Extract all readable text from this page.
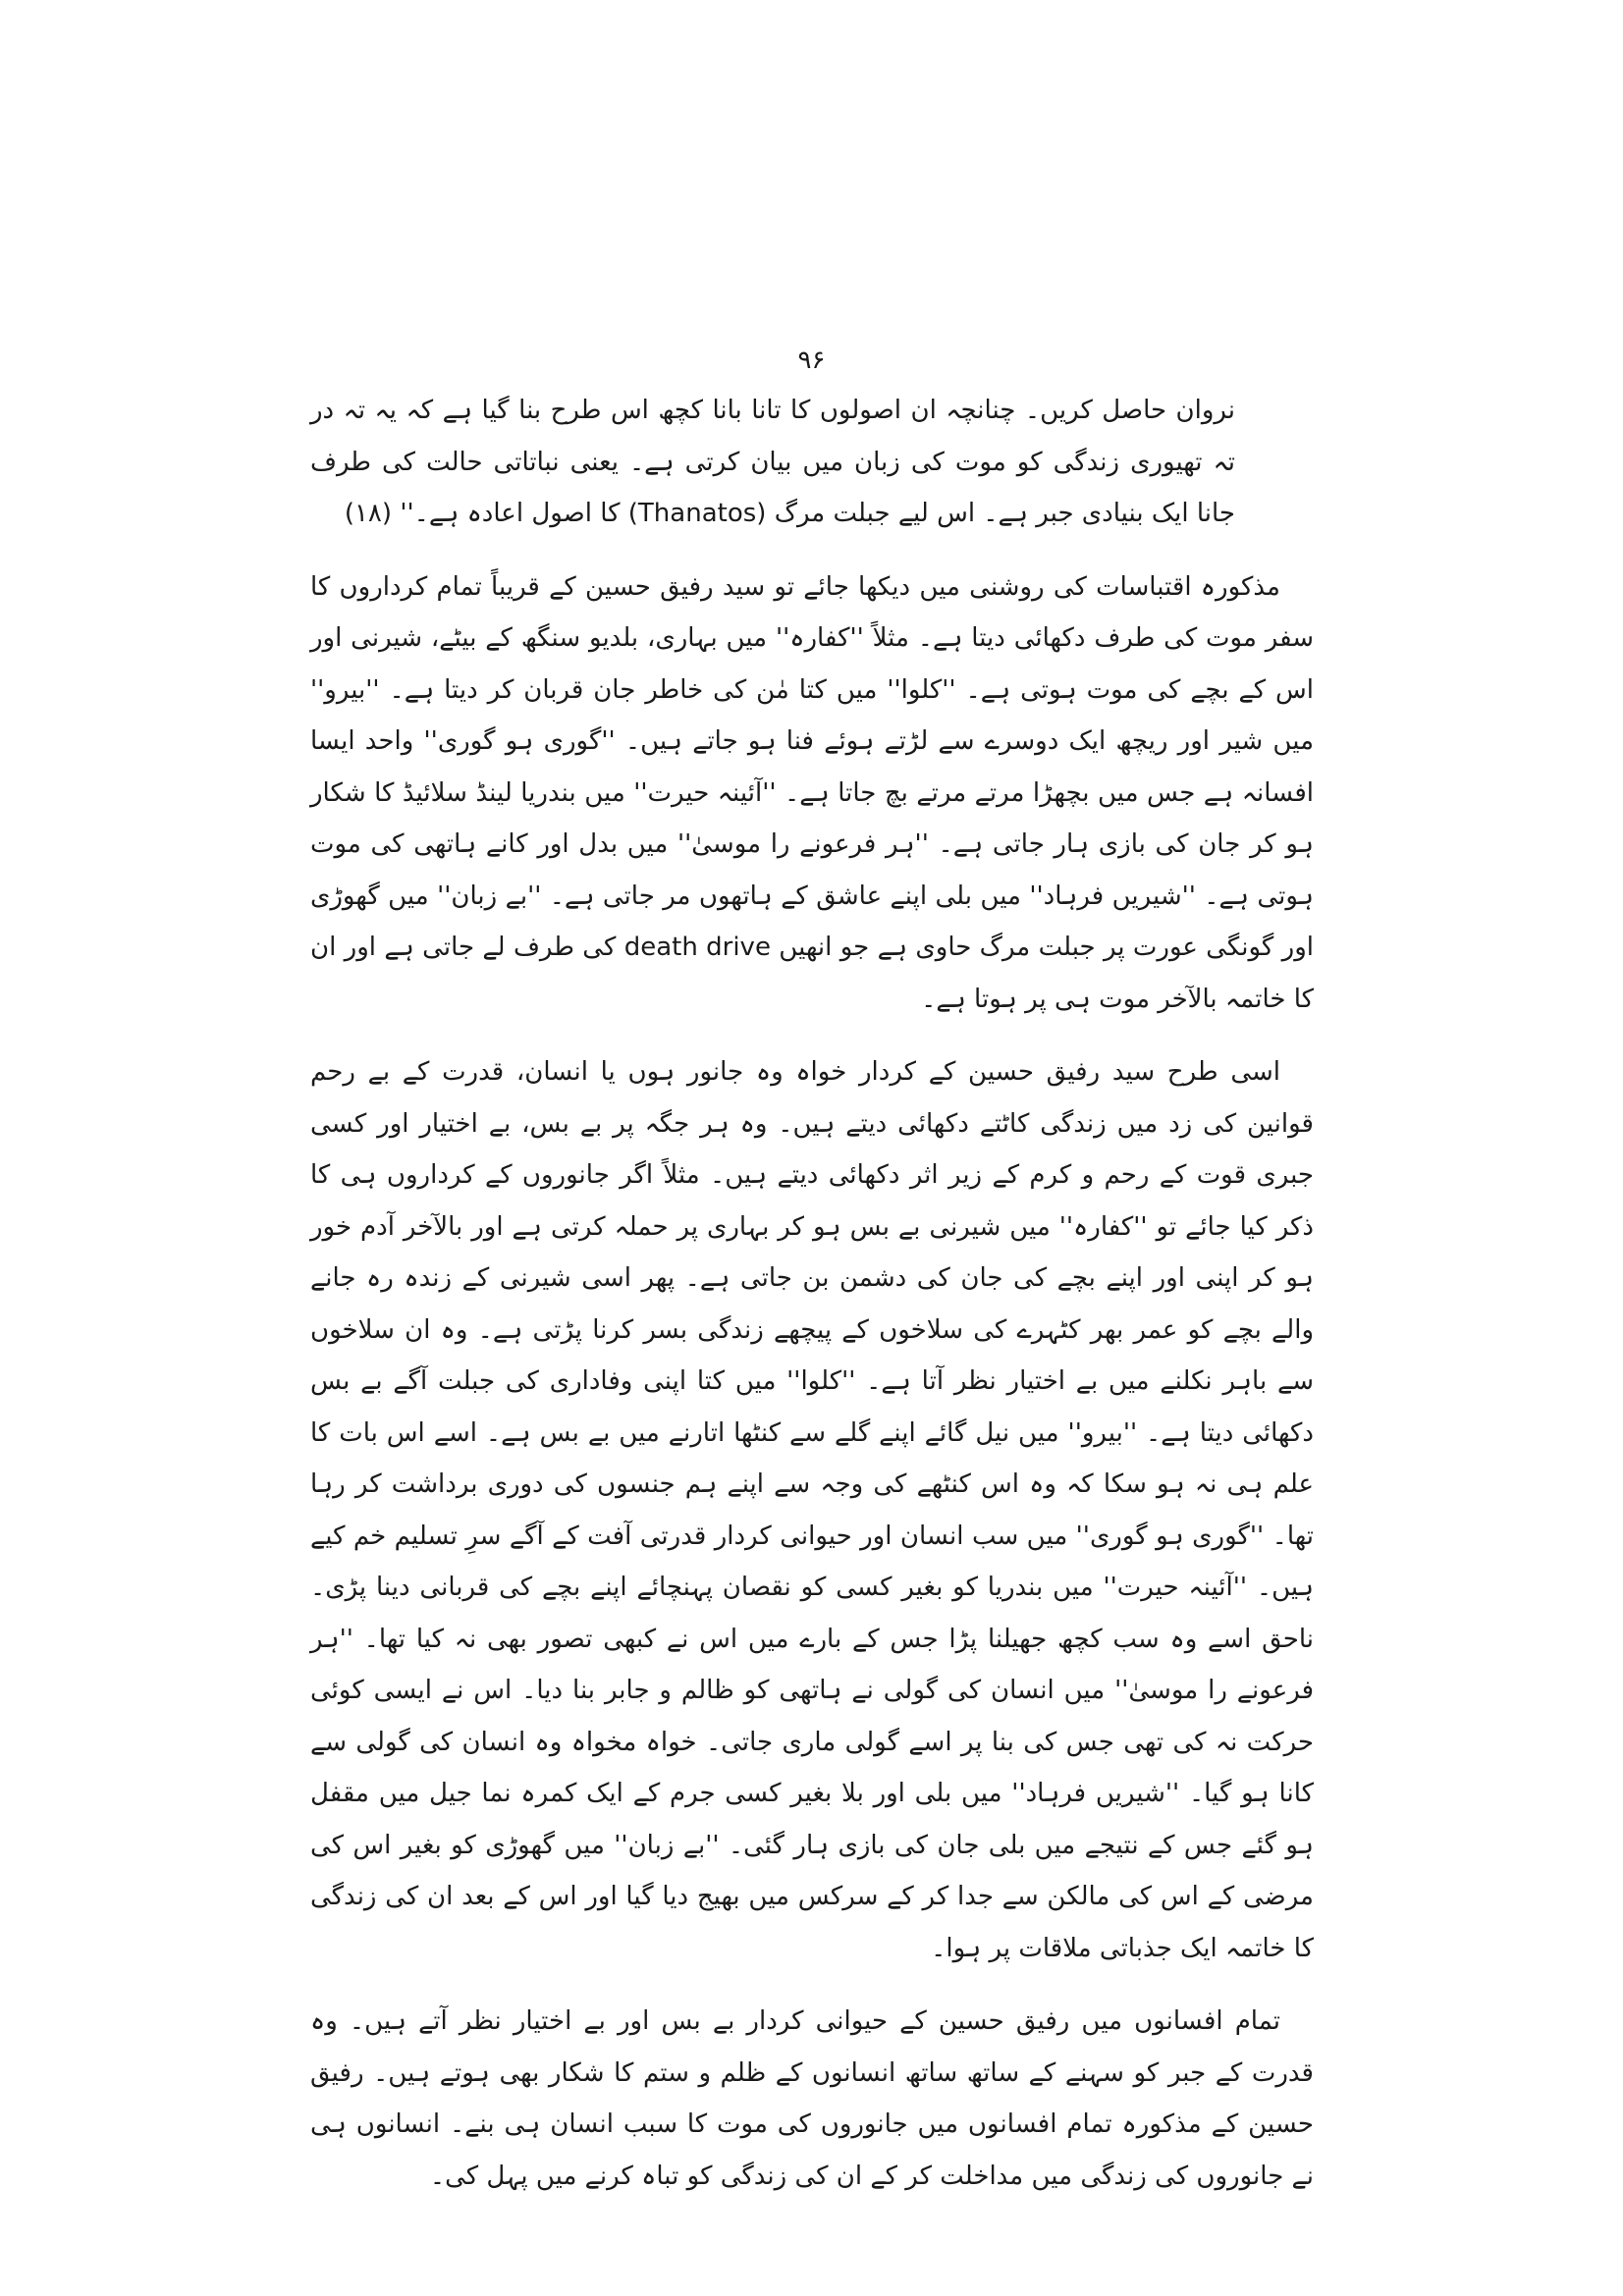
۹۶

نروان حاصل کریں۔ چنانچہ ان اصولوں کا تانا بانا کچھ اس طرح بنا گیا ہے کہ یہ تہ در تہ تھیوری زندگی کو موت کی زبان میں بیان کرتی ہے۔ یعنی نباتاتی حالت کی طرف جانا ایک بنیادی جبر ہے۔ اس لیے جبلت مرگ (Thanatos) کا اصول اعادہ ہے۔'' (۱۸)

مذکورہ اقتباسات کی روشنی میں دیکھا جائے تو سید رفیق حسین کے قریباً تمام کرداروں کا سفر موت کی طرف دکھائی دیتا ہے۔ مثلاً ''کفارہ'' میں بہاری، بلدیو سنگھ کے بیٹے، شیرنی اور اس کے بچے کی موت ہوتی ہے۔ ''کلوا'' میں کتا مٰن کی خاطر جان قربان کر دیتا ہے۔ ''بیرو'' میں شیر اور ریچھ ایک دوسرے سے لڑتے ہوئے فنا ہو جاتے ہیں۔ ''گوری ہو گوری'' واحد ایسا افسانہ ہے جس میں بچھڑا مرتے مرتے بچ جاتا ہے۔ ''آئینہ حیرت'' میں بندریا لینڈ سلائیڈ کا شکار ہو کر جان کی بازی ہار جاتی ہے۔ ''ہر فرعونے را موسیٰ'' میں بدل اور کانے ہاتھی کی موت ہوتی ہے۔ ''شیریں فرہاد'' میں بلی اپنے عاشق کے ہاتھوں مر جاتی ہے۔ ''بے زبان'' میں گھوڑی اور گونگی عورت پر جبلت مرگ حاوی ہے جو انھیں death drive کی طرف لے جاتی ہے اور ان کا خاتمہ بالآخر موت ہی پر ہوتا ہے۔

اسی طرح سید رفیق حسین کے کردار خواہ وہ جانور ہوں یا انسان، قدرت کے بے رحم قوانین کی زد میں زندگی کاٹتے دکھائی دیتے ہیں۔ وہ ہر جگہ پر بے بس، بے اختیار اور کسی جبری قوت کے رحم و کرم کے زیر اثر دکھائی دیتے ہیں۔ مثلاً اگر جانوروں کے کرداروں ہی کا ذکر کیا جائے تو ''کفارہ'' میں شیرنی بے بس ہو کر بہاری پر حملہ کرتی ہے اور بالآخر آدم خور ہو کر اپنی اور اپنے بچے کی جان کی دشمن بن جاتی ہے۔ پھر اسی شیرنی کے زندہ رہ جانے والے بچے کو عمر بھر کٹہرے کی سلاخوں کے پیچھے زندگی بسر کرنا پڑتی ہے۔ وہ ان سلاخوں سے باہر نکلنے میں بے اختیار نظر آتا ہے۔ ''کلوا'' میں کتا اپنی وفاداری کی جبلت آگے بے بس دکھائی دیتا ہے۔ ''بیرو'' میں نیل گائے اپنے گلے سے کنٹھا اتارنے میں بے بس ہے۔ اسے اس بات کا علم ہی نہ ہو سکا کہ وہ اس کنٹھے کی وجہ سے اپنے ہم جنسوں کی دوری برداشت کر رہا تھا۔ ''گوری ہو گوری'' میں سب انسان اور حیوانی کردار قدرتی آفت کے آگے سرِ تسلیم خم کیے ہیں۔ ''آئینہ حیرت'' میں بندریا کو بغیر کسی کو نقصان پہنچائے اپنے بچے کی قربانی دینا پڑی۔ ناحق اسے وہ سب کچھ جھیلنا پڑا جس کے بارے میں اس نے کبھی تصور بھی نہ کیا تھا۔ ''ہر فرعونے را موسیٰ'' میں انسان کی گولی نے ہاتھی کو ظالم و جابر بنا دیا۔ اس نے ایسی کوئی حرکت نہ کی تھی جس کی بنا پر اسے گولی ماری جاتی۔ خواہ مخواہ وہ انسان کی گولی سے کانا ہو گیا۔ ''شیریں فرہاد'' میں بلی اور بلا بغیر کسی جرم کے ایک کمرہ نما جیل میں مقفل ہو گئے جس کے نتیجے میں بلی جان کی بازی ہار گئی۔ ''بے زبان'' میں گھوڑی کو بغیر اس کی مرضی کے اس کی مالکن سے جدا کر کے سرکس میں بھیج دیا گیا اور اس کے بعد ان کی زندگی کا خاتمہ ایک جذباتی ملاقات پر ہوا۔

تمام افسانوں میں رفیق حسین کے حیوانی کردار بے بس اور بے اختیار نظر آتے ہیں۔ وہ قدرت کے جبر کو سہنے کے ساتھ ساتھ انسانوں کے ظلم و ستم کا شکار بھی ہوتے ہیں۔ رفیق حسین کے مذکورہ تمام افسانوں میں جانوروں کی موت کا سبب انسان ہی بنے۔ انسانوں ہی نے جانوروں کی زندگی میں مداخلت کر کے ان کی زندگی کو تباہ کرنے میں پہل کی۔
